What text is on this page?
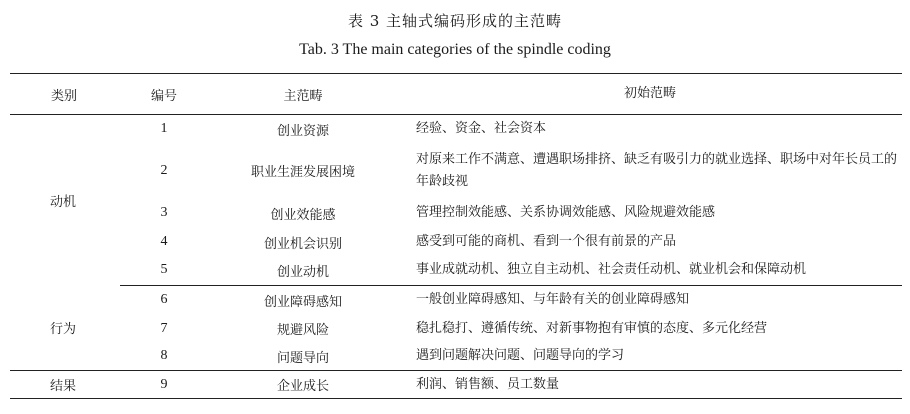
表 3 主轴式编码形成的主范畴
Tab. 3 The main categories of the spindle coding
类别	编号	主范畴	初始范畴
动机	1	创业资源	经验、资金、社会资本
	2	职业生涯发展困境	对原来工作不满意、遭遇职场排挤、缺乏有吸引力的就业选择、职场中对年长员工的年龄歧视
	3	创业效能感	管理控制效能感、关系协调效能感、风险规避效能感
	4	创业机会识别	感受到可能的商机、看到一个很有前景的产品
	5	创业动机	事业成就动机、独立自主动机、社会责任动机、就业机会和保障动机
行为	6	创业障碍感知	一般创业障碍感知、与年龄有关的创业障碍感知
	7	规避风险	稳扎稳打、遵循传统、对新事物抱有审慎的态度、多元化经营
	8	问题导向	遇到问题解决问题、问题导向的学习
结果	9	企业成长	利润、销售额、员工数量
